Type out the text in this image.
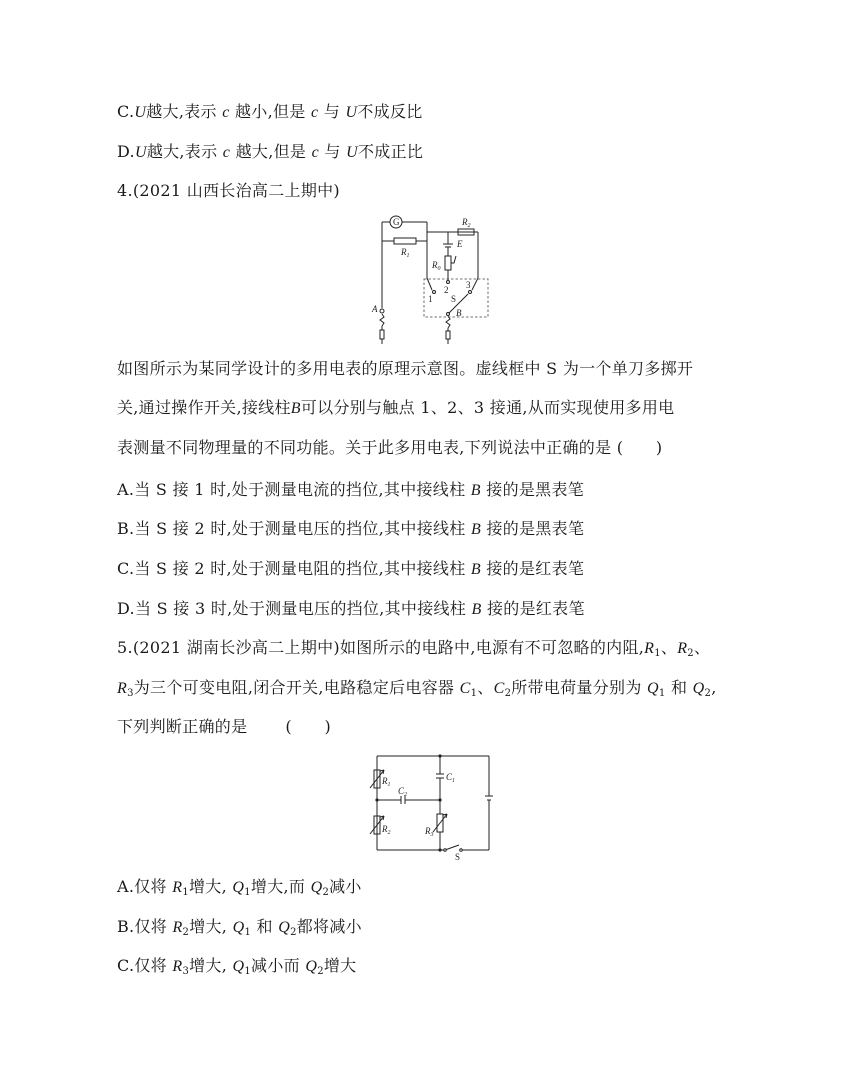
C.U越大,表示 c 越小,但是 c 与 U不成反比
D.U越大,表示 c 越大,但是 c 与 U不成正比
4.(2021 山西长治高二上期中)
G
$R_1$
$R_2$
E
$R_0$
1
2 3
S
A	B
如图所示为某同学设计的多用电表的原理示意图。虚线框中 S 为一个单刀多掷开
关,通过操作开关,接线柱B可以分别与触点 1、2、3 接通,从而实现使用多用电
表测量不同物理量的不同功能。关于此多用电表,下列说法中正确的是 (　　)
A.当 S 接 1 时,处于测量电流的挡位,其中接线柱 B 接的是黑表笔
B.当 S 接 2 时,处于测量电压的挡位,其中接线柱 B 接的是黑表笔
C.当 S 接 2 时,处于测量电阻的挡位,其中接线柱 B 接的是红表笔
D.当 S 接 3 时,处于测量电压的挡位,其中接线柱 B 接的是红表笔
5.(2021 湖南长沙高二上期中)如图所示的电路中,电源有不可忽略的内阻$,R_1$、$R_2$、
$R_3$为三个可变电阻,闭合开关,电路稳定后电容器 $C_1$、$C_2$所带电荷量分别为 $Q_1$ 和 $Q_2$,
下列判断正确的是　　 (　　)
$R_1$
$R_2$	$R_3$
$C_1$
$C_2$
S
A.仅将 $R_1$增大, $Q_1$增大,而 $Q_2$减小
B.仅将 $R_2$增大, $Q_1$ 和 $Q_2$都将减小
C.仅将 $R_3$增大, $Q_1$减小而 $Q_2$增大
